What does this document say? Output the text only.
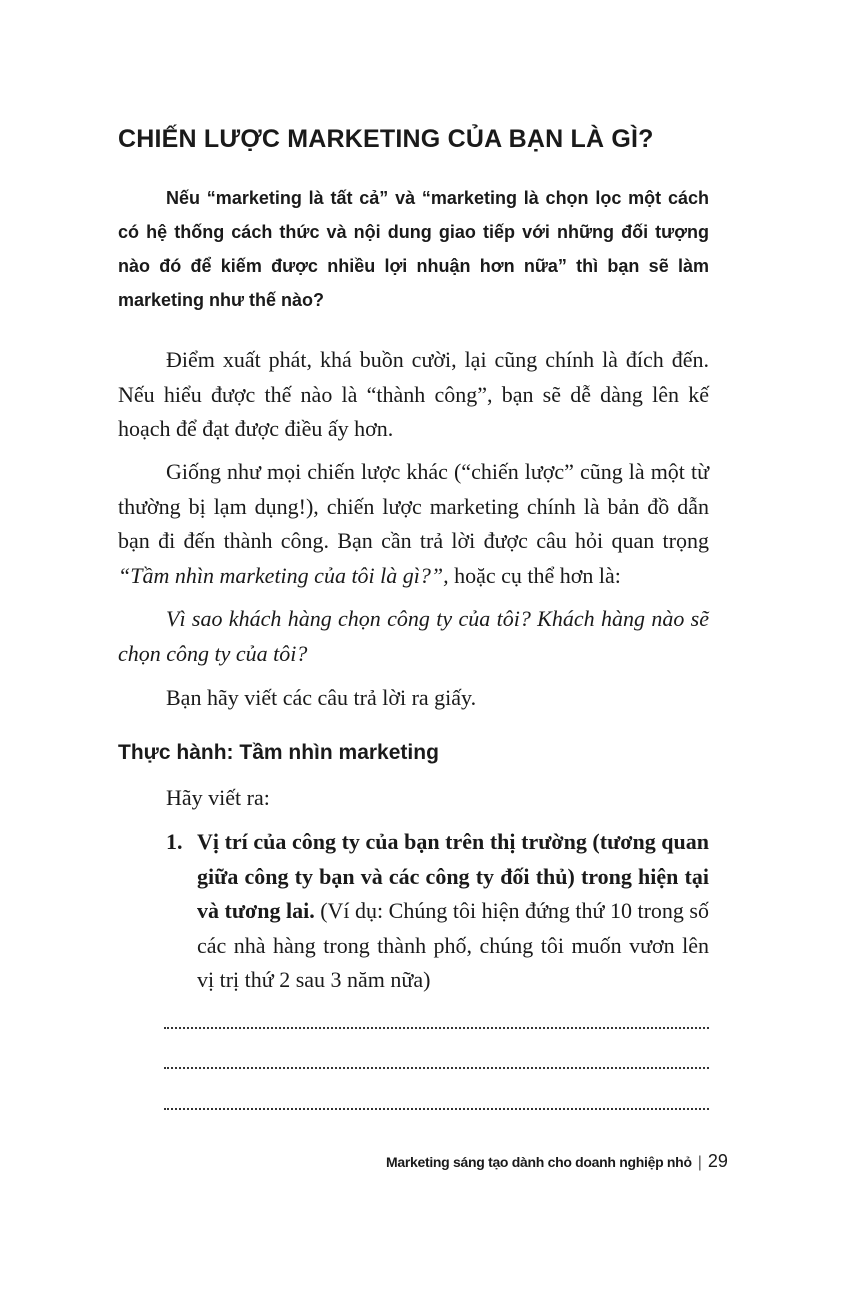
CHIẾN LƯỢC MARKETING CỦA BẠN LÀ GÌ?

Nếu “marketing là tất cả” và “marketing là chọn lọc một cách có hệ thống cách thức và nội dung giao tiếp với những đối tượng nào đó để kiếm được nhiều lợi nhuận hơn nữa” thì bạn sẽ làm marketing như thế nào?

Điểm xuất phát, khá buồn cười, lại cũng chính là đích đến. Nếu hiểu được thế nào là “thành công”, bạn sẽ dễ dàng lên kế hoạch để đạt được điều ấy hơn.

Giống như mọi chiến lược khác (“chiến lược” cũng là một từ thường bị lạm dụng!), chiến lược marketing chính là bản đồ dẫn bạn đi đến thành công. Bạn cần trả lời được câu hỏi quan trọng “Tầm nhìn marketing của tôi là gì?”, hoặc cụ thể hơn là:

Vì sao khách hàng chọn công ty của tôi? Khách hàng nào sẽ chọn công ty của tôi?

Bạn hãy viết các câu trả lời ra giấy.

Thực hành: Tầm nhìn marketing

Hãy viết ra:

1. Vị trí của công ty của bạn trên thị trường (tương quan giữa công ty bạn và các công ty đối thủ) trong hiện tại và tương lai. (Ví dụ: Chúng tôi hiện đứng thứ 10 trong số các nhà hàng trong thành phố, chúng tôi muốn vươn lên vị trị thứ 2 sau 3 năm nữa)

Marketing sáng tạo dành cho doanh nghiệp nhỏ | 29
